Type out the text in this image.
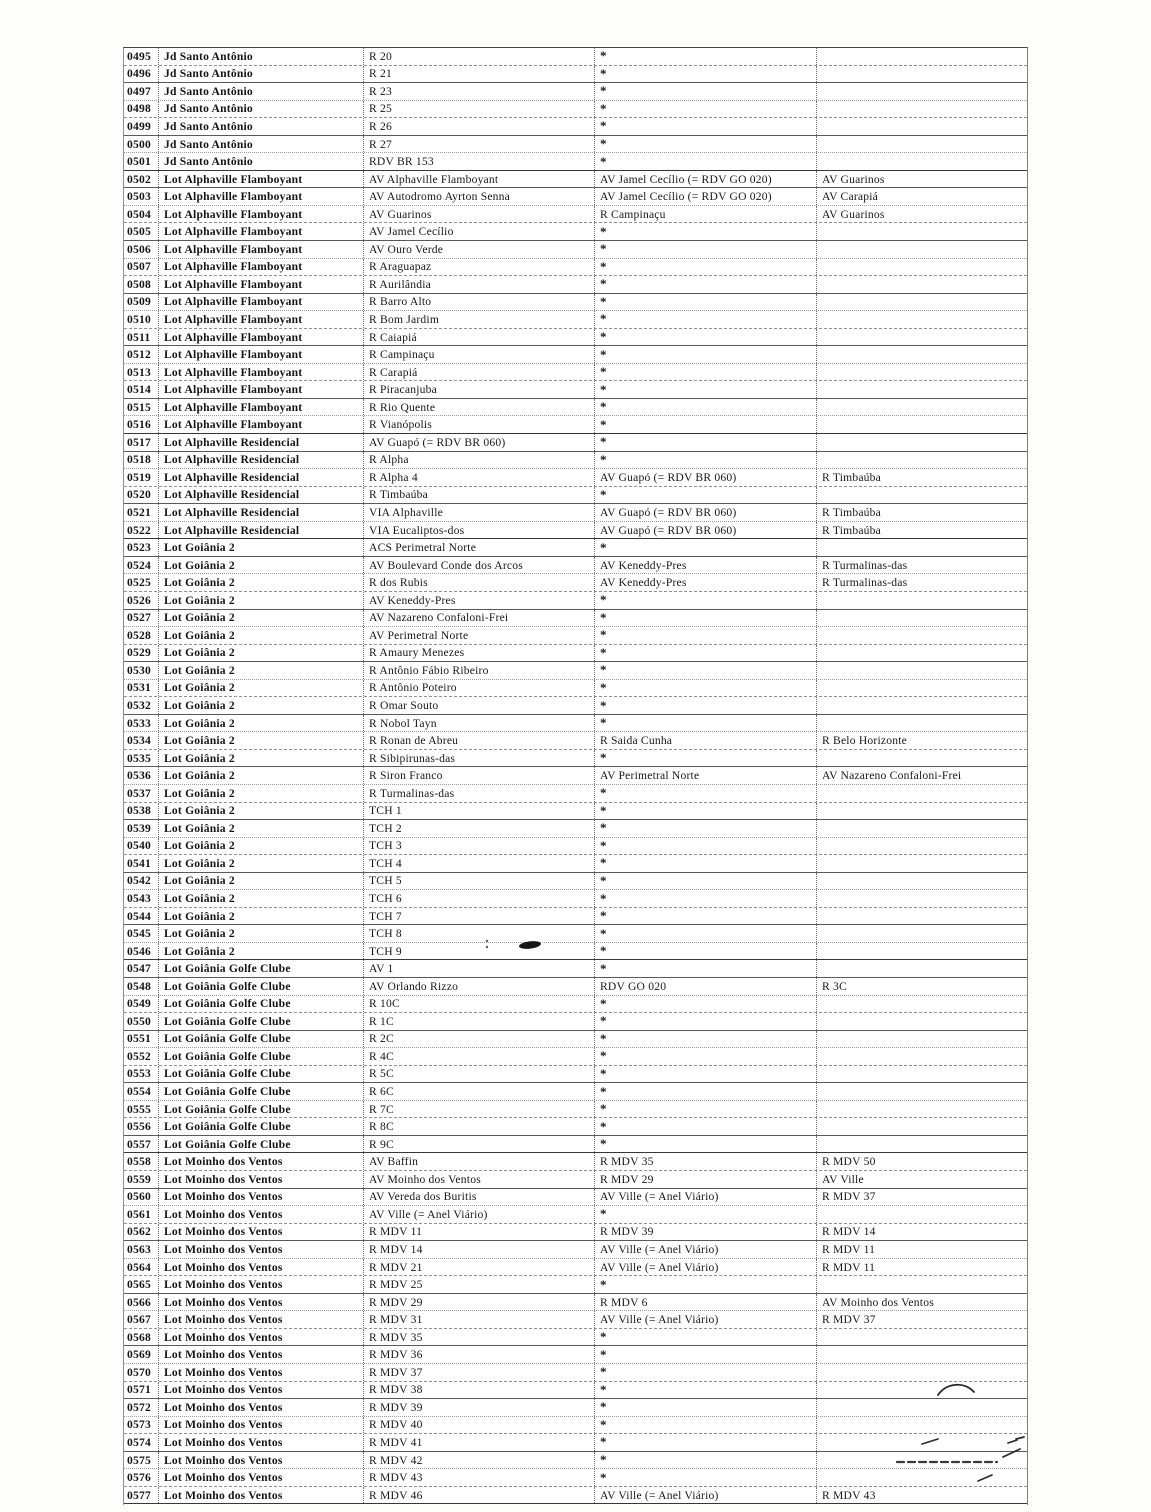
0495	Jd Santo Antônio	R 20	*
0496	Jd Santo Antônio	R 21	*
0497	Jd Santo Antônio	R 23	*
0498	Jd Santo Antônio	R 25	*
0499	Jd Santo Antônio	R 26	*
0500	Jd Santo Antônio	R 27	*
0501	Jd Santo Antônio	RDV BR 153	*
0502	Lot Alphaville Flamboyant	AV Alphaville Flamboyant	AV Jamel Cecílio (= RDV GO 020)	AV Guarinos
0503	Lot Alphaville Flamboyant	AV Autodromo Ayrton Senna	AV Jamel Cecílio (= RDV GO 020)	AV Carapiá
0504	Lot Alphaville Flamboyant	AV Guarinos	R Campinaçu	AV Guarinos
0505	Lot Alphaville Flamboyant	AV Jamel Cecílio	*
0506	Lot Alphaville Flamboyant	AV Ouro Verde	*
0507	Lot Alphaville Flamboyant	R Araguapaz	*
0508	Lot Alphaville Flamboyant	R Aurilândia	*
0509	Lot Alphaville Flamboyant	R Barro Alto	*
0510	Lot Alphaville Flamboyant	R Bom Jardim	*
0511	Lot Alphaville Flamboyant	R Caiapiá	*
0512	Lot Alphaville Flamboyant	R Campinaçu	*
0513	Lot Alphaville Flamboyant	R Carapiá	*
0514	Lot Alphaville Flamboyant	R Piracanjuba	*
0515	Lot Alphaville Flamboyant	R Rio Quente	*
0516	Lot Alphaville Flamboyant	R Vianópolis	*
0517	Lot Alphaville Residencial	AV Guapó (= RDV BR 060)	*
0518	Lot Alphaville Residencial	R Alpha	*
0519	Lot Alphaville Residencial	R Alpha 4	AV Guapó (= RDV BR 060)	R Timbaúba
0520	Lot Alphaville Residencial	R Timbaúba	*
0521	Lot Alphaville Residencial	VIA Alphaville	AV Guapó (= RDV BR 060)	R Timbaúba
0522	Lot Alphaville Residencial	VIA Eucaliptos-dos	AV Guapó (= RDV BR 060)	R Timbaúba
0523	Lot Goiânia 2	ACS Perimetral Norte	*
0524	Lot Goiânia 2	AV Boulevard Conde dos Arcos	AV Keneddy-Pres	R Turmalinas-das
0525	Lot Goiânia 2	R dos Rubis	AV Keneddy-Pres	R Turmalinas-das
0526	Lot Goiânia 2	AV Keneddy-Pres	*
0527	Lot Goiânia 2	AV Nazareno Confaloni-Frei	*
0528	Lot Goiânia 2	AV Perimetral Norte	*
0529	Lot Goiânia 2	R Amaury Menezes	*
0530	Lot Goiânia 2	R Antônio Fábio Ribeiro	*
0531	Lot Goiânia 2	R Antônio Poteiro	*
0532	Lot Goiânia 2	R Omar Souto	*
0533	Lot Goiânia 2	R Nobol Tayn	*
0534	Lot Goiânia 2	R Ronan de Abreu	R Saida Cunha	R Belo Horizonte
0535	Lot Goiânia 2	R Sibipirunas-das	*
0536	Lot Goiânia 2	R Siron Franco	AV Perimetral Norte	AV Nazareno Confaloni-Frei
0537	Lot Goiânia 2	R Turmalinas-das	*
0538	Lot Goiânia 2	TCH 1	*
0539	Lot Goiânia 2	TCH 2	*
0540	Lot Goiânia 2	TCH 3	*
0541	Lot Goiânia 2	TCH 4	*
0542	Lot Goiânia 2	TCH 5	*
0543	Lot Goiânia 2	TCH 6	*
0544	Lot Goiânia 2	TCH 7	*
0545	Lot Goiânia 2	TCH 8	*
0546	Lot Goiânia 2	TCH 9	*
0547	Lot Goiânia Golfe Clube	AV 1	*
0548	Lot Goiânia Golfe Clube	AV Orlando Rizzo	RDV GO 020	R 3C
0549	Lot Goiânia Golfe Clube	R 10C	*
0550	Lot Goiânia Golfe Clube	R 1C	*
0551	Lot Goiânia Golfe Clube	R 2C	*
0552	Lot Goiânia Golfe Clube	R 4C	*
0553	Lot Goiânia Golfe Clube	R 5C	*
0554	Lot Goiânia Golfe Clube	R 6C	*
0555	Lot Goiânia Golfe Clube	R 7C	*
0556	Lot Goiânia Golfe Clube	R 8C	*
0557	Lot Goiânia Golfe Clube	R 9C	*
0558	Lot Moinho dos Ventos	AV Baffin	R MDV 35	R MDV 50
0559	Lot Moinho dos Ventos	AV Moinho dos Ventos	R MDV 29	AV Ville
0560	Lot Moinho dos Ventos	AV Vereda dos Buritis	AV Ville (= Anel Viário)	R MDV 37
0561	Lot Moinho dos Ventos	AV Ville (= Anel Viário)	*
0562	Lot Moinho dos Ventos	R MDV 11	R MDV 39	R MDV 14
0563	Lot Moinho dos Ventos	R MDV 14	AV Ville (= Anel Viário)	R MDV 11
0564	Lot Moinho dos Ventos	R MDV 21	AV Ville (= Anel Viário)	R MDV 11
0565	Lot Moinho dos Ventos	R MDV 25	*
0566	Lot Moinho dos Ventos	R MDV 29	R MDV 6	AV Moinho dos Ventos
0567	Lot Moinho dos Ventos	R MDV 31	AV Ville (= Anel Viário)	R MDV 37
0568	Lot Moinho dos Ventos	R MDV 35	*
0569	Lot Moinho dos Ventos	R MDV 36	*
0570	Lot Moinho dos Ventos	R MDV 37	*
0571	Lot Moinho dos Ventos	R MDV 38	*
0572	Lot Moinho dos Ventos	R MDV 39	*
0573	Lot Moinho dos Ventos	R MDV 40	*
0574	Lot Moinho dos Ventos	R MDV 41	*
0575	Lot Moinho dos Ventos	R MDV 42	*
0576	Lot Moinho dos Ventos	R MDV 43	*
0577	Lot Moinho dos Ventos	R MDV 46	AV Ville (= Anel Viário)	R MDV 43
